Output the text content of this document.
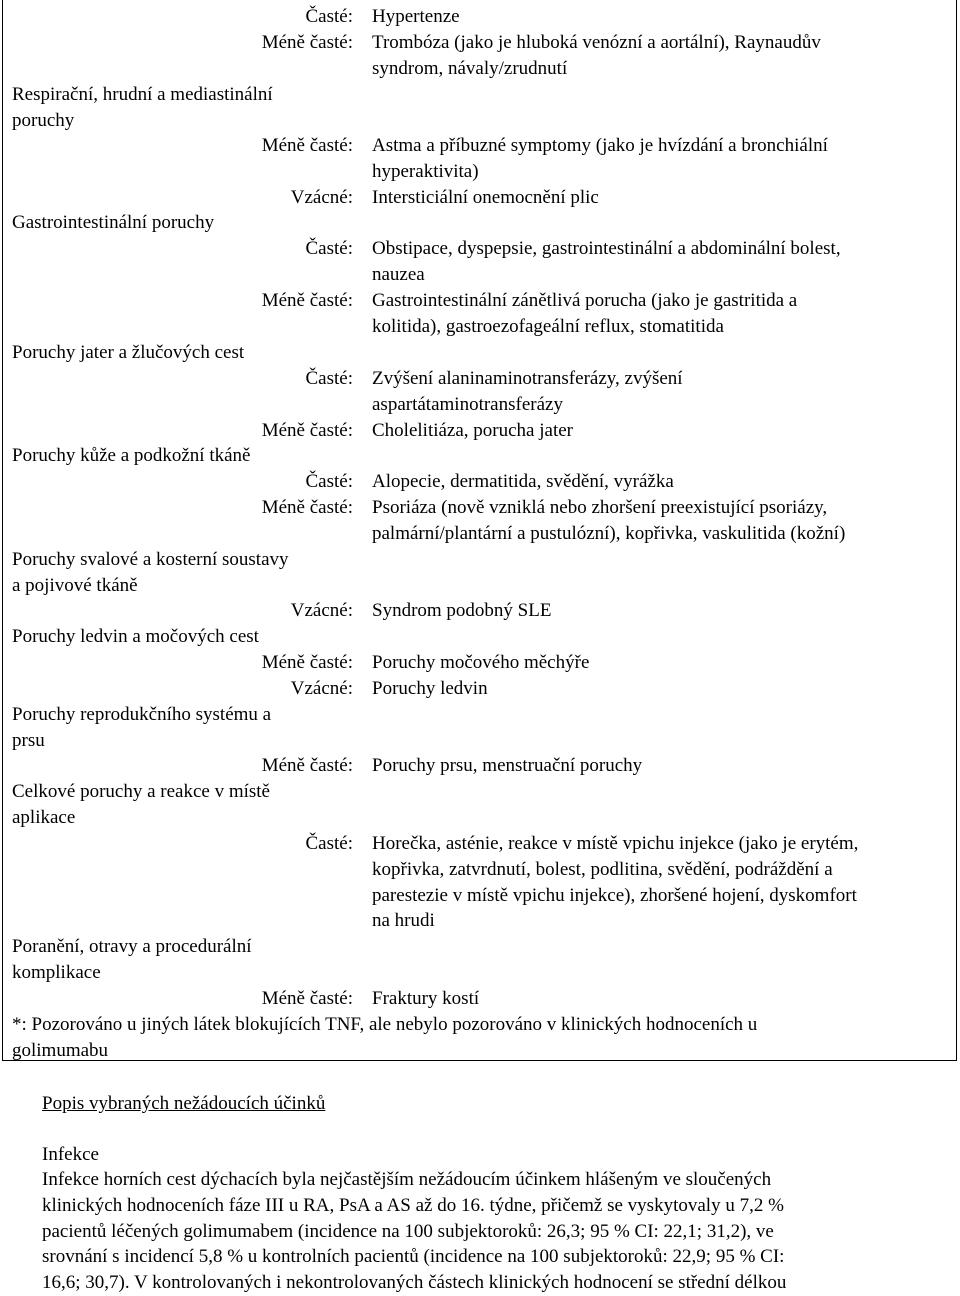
Časté: Hypertenze
Méně časté: Trombóza (jako je hluboká venózní a aortální), Raynaudův
syndrom, návaly/zrudnutí
Respirační, hrudní a mediastinální
poruchy
Méně časté: Astma a příbuzné symptomy (jako je hvízdání a bronchiální
hyperaktivita)
Vzácné: Intersticiální onemocnění plic
Gastrointestinální poruchy
Časté: Obstipace, dyspepsie, gastrointestinální a abdominální bolest,
nauzea
Méně časté: Gastrointestinální zánětlivá porucha (jako je gastritida a
kolitida), gastroezofageální reflux, stomatitida
Poruchy jater a žlučových cest
Časté: Zvýšení alaninaminotransferázy, zvýšení
aspartátaminotransferázy
Méně časté: Cholelitiáza, porucha jater
Poruchy kůže a podkožní tkáně
Časté: Alopecie, dermatitida, svědění, vyrážka
Méně časté: Psoriáza (nově vzniklá nebo zhoršení preexistující psoriázy,
palmární/plantární a pustulózní), kopřivka, vaskulitida (kožní)
Poruchy svalové a kosterní soustavy
a pojivové tkáně
Vzácné: Syndrom podobný SLE
Poruchy ledvin a močových cest
Méně časté: Poruchy močového měchýře
Vzácné: Poruchy ledvin
Poruchy reprodukčního systému a
prsu
Méně časté: Poruchy prsu, menstruační poruchy
Celkové poruchy a reakce v místě
aplikace
Časté: Horečka, asténie, reakce v místě vpichu injekce (jako je erytém,
kopřivka, zatvrdnutí, bolest, podlitina, svědění, podráždění a
parestezie v místě vpichu injekce), zhoršené hojení, dyskomfort
na hrudi
Poranění, otravy a procedurální
komplikace
Méně časté: Fraktury kostí
*: Pozorováno u jiných látek blokujících TNF, ale nebylo pozorováno v klinických hodnoceních u
golimumabu
Popis vybraných nežádoucích účinků
Infekce
Infekce horních cest dýchacích byla nejčastějším nežádoucím účinkem hlášeným ve sloučených
klinických hodnoceních fáze III u RA, PsA a AS až do 16. týdne, přičemž se vyskytovaly u 7,2 %
pacientů léčených golimumabem (incidence na 100 subjektoroků: 26,3; 95 % CI: 22,1; 31,2), ve
srovnání s incidencí 5,8 % u kontrolních pacientů (incidence na 100 subjektoroků: 22,9; 95 % CI:
16,6; 30,7). V kontrolovaných i nekontrolovaných částech klinických hodnocení se střední délkou
